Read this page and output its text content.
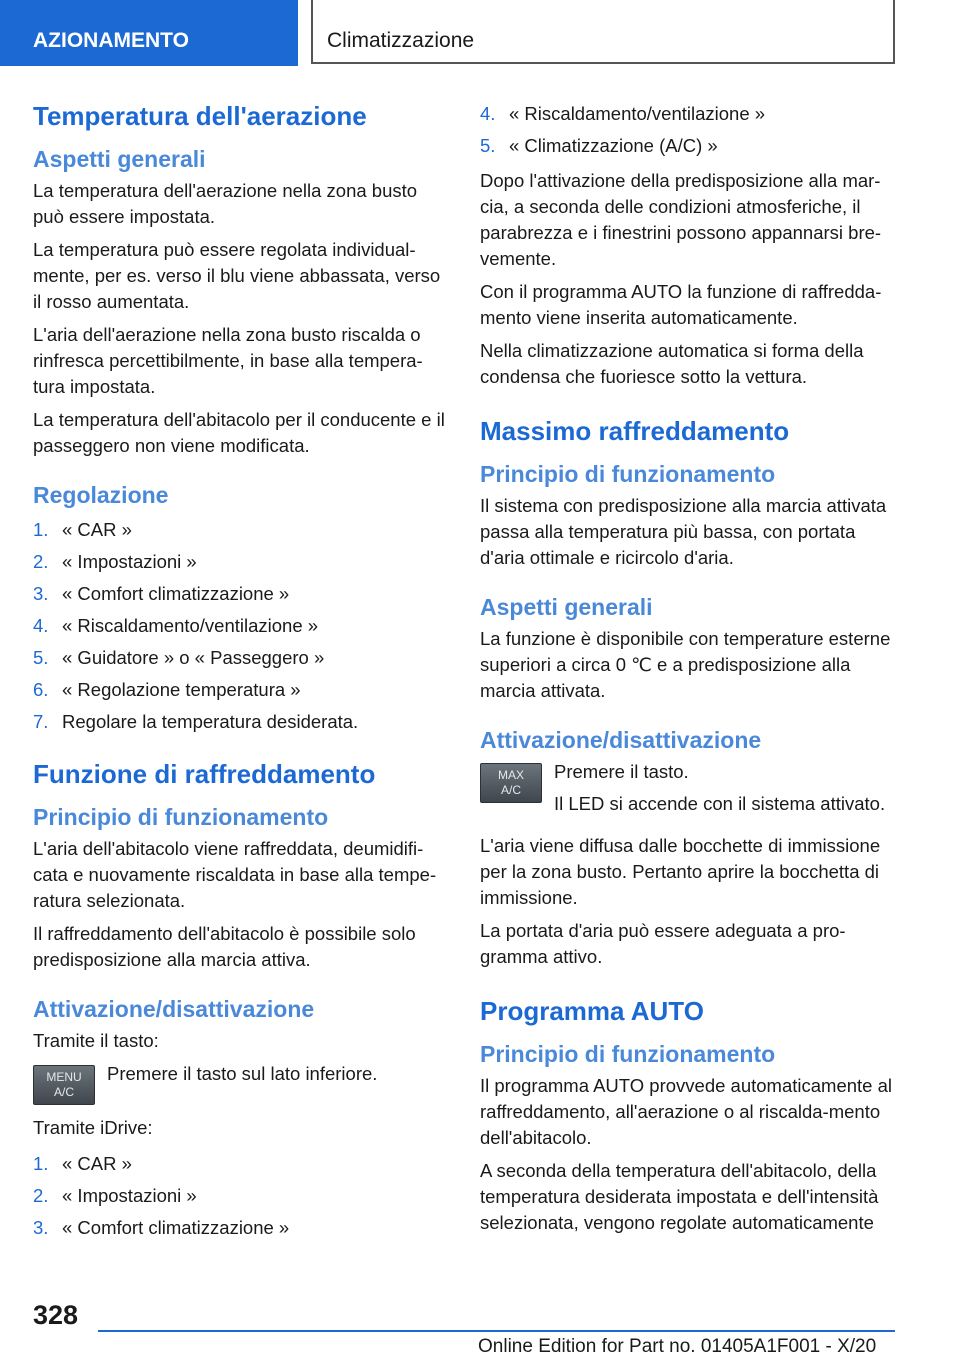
AZIONAMENTO	Climatizzazione
Temperatura dell'aerazione
Aspetti generali

La temperatura dell'aerazione nella zona busto può essere impostata.

La temperatura può essere regolata individual-mente, per es. verso il blu viene abbassata, verso il rosso aumentata.

L'aria dell'aerazione nella zona busto riscalda o rinfresca percettibilmente, in base alla tempera-tura impostata.

La temperatura dell'abitacolo per il conducente e il passeggero non viene modificata.

Regolazione
1. « CAR »
2. « Impostazioni »
3. « Comfort climatizzazione »
4. « Riscaldamento/ventilazione »
5. « Guidatore » o « Passeggero »
6. « Regolazione temperatura »
7. Regolare la temperatura desiderata.
Funzione di raffreddamento
Principio di funzionamento

L'aria dell'abitacolo viene raffreddata, deumidifi-cata e nuovamente riscaldata in base alla tempe-ratura selezionata.

Il raffreddamento dell'abitacolo è possibile solo predisposizione alla marcia attiva.

Attivazione/disattivazione

Tramite il tasto:

MENU
A/C

Premere il tasto sul lato inferiore.

Tramite iDrive:

1. « CAR »
2. « Impostazioni »
3. « Comfort climatizzazione »
4. « Riscaldamento/ventilazione »
5. « Climatizzazione (A/C) »

Dopo l'attivazione della predisposizione alla mar-cia, a seconda delle condizioni atmosferiche, il parabrezza e i finestrini possono appannarsi bre-vemente.

Con il programma AUTO la funzione di raffredda-mento viene inserita automaticamente.

Nella climatizzazione automatica si forma della condensa che fuoriesce sotto la vettura.

Massimo raffreddamento
Principio di funzionamento

Il sistema con predisposizione alla marcia attivata passa alla temperatura più bassa, con portata d'aria ottimale e ricircolo d'aria.

Aspetti generali

La funzione è disponibile con temperature esterne superiori a circa 0 ℃ e a predisposizione alla marcia attivata.

Attivazione/disattivazione
MAX
A/C

Premere il tasto.

Il LED si accende con il sistema attivato.

L'aria viene diffusa dalle bocchette di immissione per la zona busto. Pertanto aprire la bocchetta di immissione.

La portata d'aria può essere adeguata a pro-gramma attivo.

Programma AUTO
Principio di funzionamento

Il programma AUTO provvede automaticamente al raffreddamento, all'aerazione o al riscalda-mento dell'abitacolo.

A seconda della temperatura dell'abitacolo, della temperatura desiderata impostata e dell'intensità selezionata, vengono regolate automaticamente

328
Online Edition for Part no. 01405A1F001 - X/20
